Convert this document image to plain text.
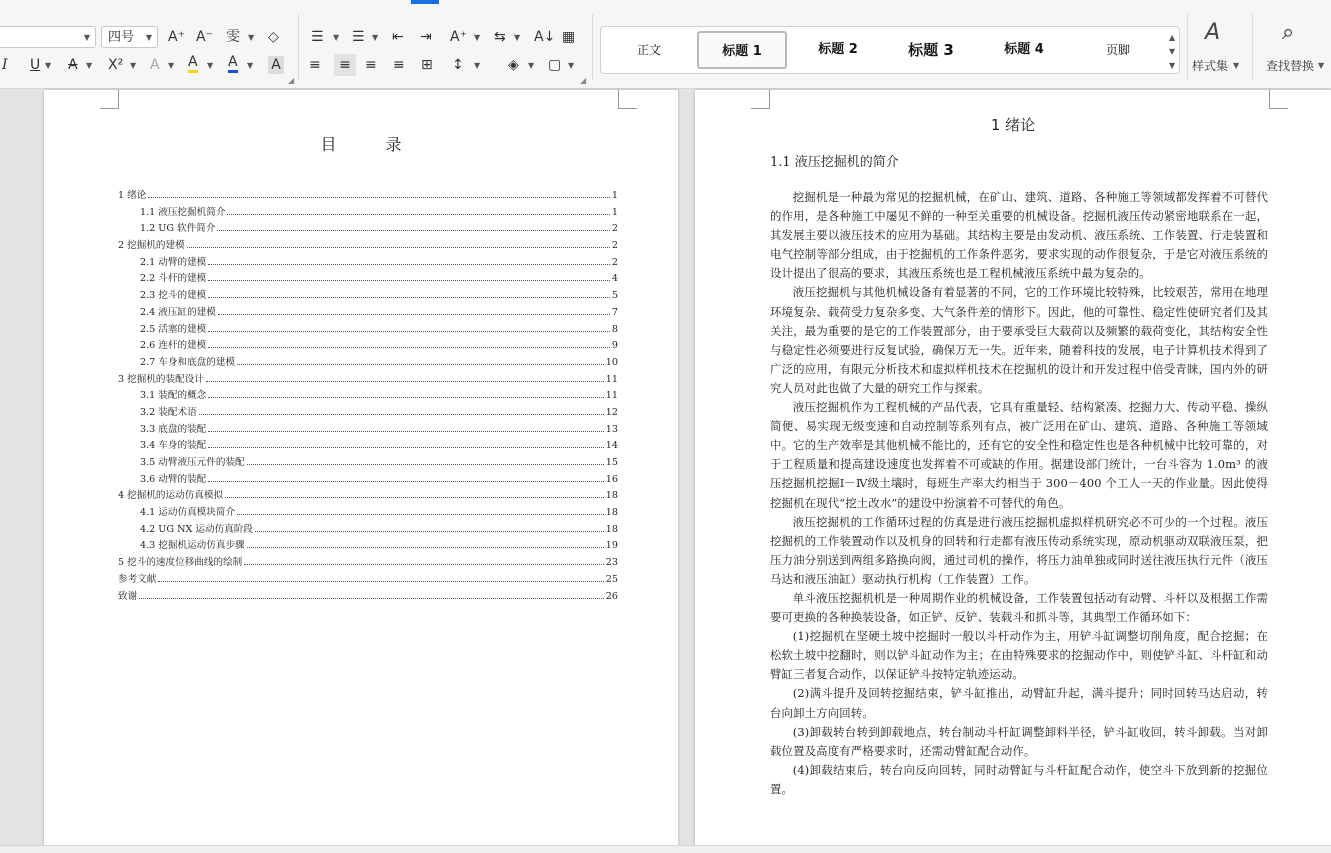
▼	四号 ▼ A⁺ A⁻ 雯 ▼ ◇
I U ▼ A ▼ X² ▼ A ▼ A ▼ A ▼ A
◢
☰ ▼ ☰ ▼ ⇤ ⇥ A⁺ ▼ ⇆ ▼ A↓ ▦
≡	≡	≡ ≡ ⊞ ↕ ▼ ◈ ▼ ▢ ▼
◢
正文	标题 1	标题 2	标题 3	标题 4	页脚
▲
▼
▼
A
样式集 ▼
⌕
查找替换 ▼
目 录
1 绪论	1
1.1 液压挖掘机简介	1
1.2 UG 软件简介	2
2 挖掘机的建模	2
2.1 动臂的建模	2
2.2 斗杆的建模	4
2.3 挖斗的建模	5
2.4 液压缸的建模	7
2.5 活塞的建模	8
2.6 连杆的建模	9
2.7 车身和底盘的建模	10
3 挖掘机的装配设计	11
3.1 装配的概念	11
3.2 装配术语	12
3.3 底盘的装配	13
3.4 车身的装配	14
3.5 动臂液压元件的装配	15
3.6 动臂的装配	16
4 挖掘机的运动仿真模拟	18
4.1 运动仿真模块简介	18
4.2 UG NX 运动仿真阶段	18
4.3 挖掘机运动仿真步骤	19
5 挖斗的速度位移曲线的绘制	23
参考文献	25
致谢	26
1 绪论
1.1 液压挖掘机的简介

挖掘机是一种最为常见的挖掘机械，在矿山、建筑、道路、各种施工等领域都发挥着不可替代的作用，是各种施工中屡见不鲜的一种至关重要的机械设备。挖掘机液压传动紧密地联系在一起，其发展主要以液压技术的应用为基础。其结构主要是由发动机、液压系统、工作装置、行走装置和电气控制等部分组成，由于挖掘机的工作条件恶劣，要求实现的动作很复杂，于是它对液压系统的设计提出了很高的要求，其液压系统也是工程机械液压系统中最为复杂的。

液压挖掘机与其他机械设备有着显著的不同，它的工作环境比较特殊，比较艰苦，常用在地理环境复杂、载荷受力复杂多变、大气条件差的情形下。因此，他的可靠性、稳定性使研究者们及其关注，最为重要的是它的工作装置部分，由于要承受巨大载荷以及频繁的载荷变化，其结构安全性与稳定性必须要进行反复试验，确保万无一失。近年来，随着科技的发展，电子计算机技术得到了广泛的应用，有限元分析技术和虚拟样机技术在挖掘机的设计和开发过程中倍受青睐，国内外的研究人员对此也做了大量的研究工作与探索。

液压挖掘机作为工程机械的产品代表，它具有重量轻、结构紧凑、挖掘力大、传动平稳、操纵简便、易实现无级变速和自动控制等系列有点，被广泛用在矿山、建筑、道路、各种施工等领域中。它的生产效率是其他机械不能比的，还有它的安全性和稳定性也是各种机械中比较可靠的，对于工程质量和提高建设速度也发挥着不可或缺的作用。据建设部门统计，一台斗容为 1.0m³ 的液压挖掘机挖掘Ⅰ－Ⅳ级土壤时，每班生产率大约相当于 300－400 个工人一天的作业量。因此使得挖掘机在现代“挖土改水”的建设中扮演着不可替代的角色。

液压挖掘机的工作循环过程的仿真是进行液压挖掘机虚拟样机研究必不可少的一个过程。液压挖掘机的工作装置动作以及机身的回转和行走都有液压传动系统实现，原动机驱动双联液压泵，把压力油分别送到两组多路换向阀，通过司机的操作，将压力油单独或同时送往液压执行元件（液压马达和液压油缸）驱动执行机构（工作装置）工作。

单斗液压挖掘机机是一种周期作业的机械设备，工作装置包括动有动臂、斗杆以及根据工作需要可更换的各种换装设备，如正铲、反铲、装载斗和抓斗等，其典型工作循环如下：

(1)挖掘机在坚硬土坡中挖掘时一般以斗杆动作为主，用铲斗缸调整切削角度，配合挖掘；在松软土坡中挖翻时，则以铲斗缸动作为主；在由特殊要求的挖掘动作中，则使铲斗缸、斗杆缸和动臂缸三者复合动作，以保证铲斗按特定轨迹运动。

(2)满斗提升及回转挖掘结束，铲斗缸推出，动臂缸升起，满斗提升；同时回转马达启动，转台向卸土方向回转。

(3)卸载转台转到卸载地点，转台制动斗杆缸调整卸料半径，铲斗缸收回，转斗卸载。当对卸载位置及高度有严格要求时，还需动臂缸配合动作。

(4)卸载结束后，转台向反向回转，同时动臂缸与斗杆缸配合动作，使空斗下放到新的挖掘位置。
